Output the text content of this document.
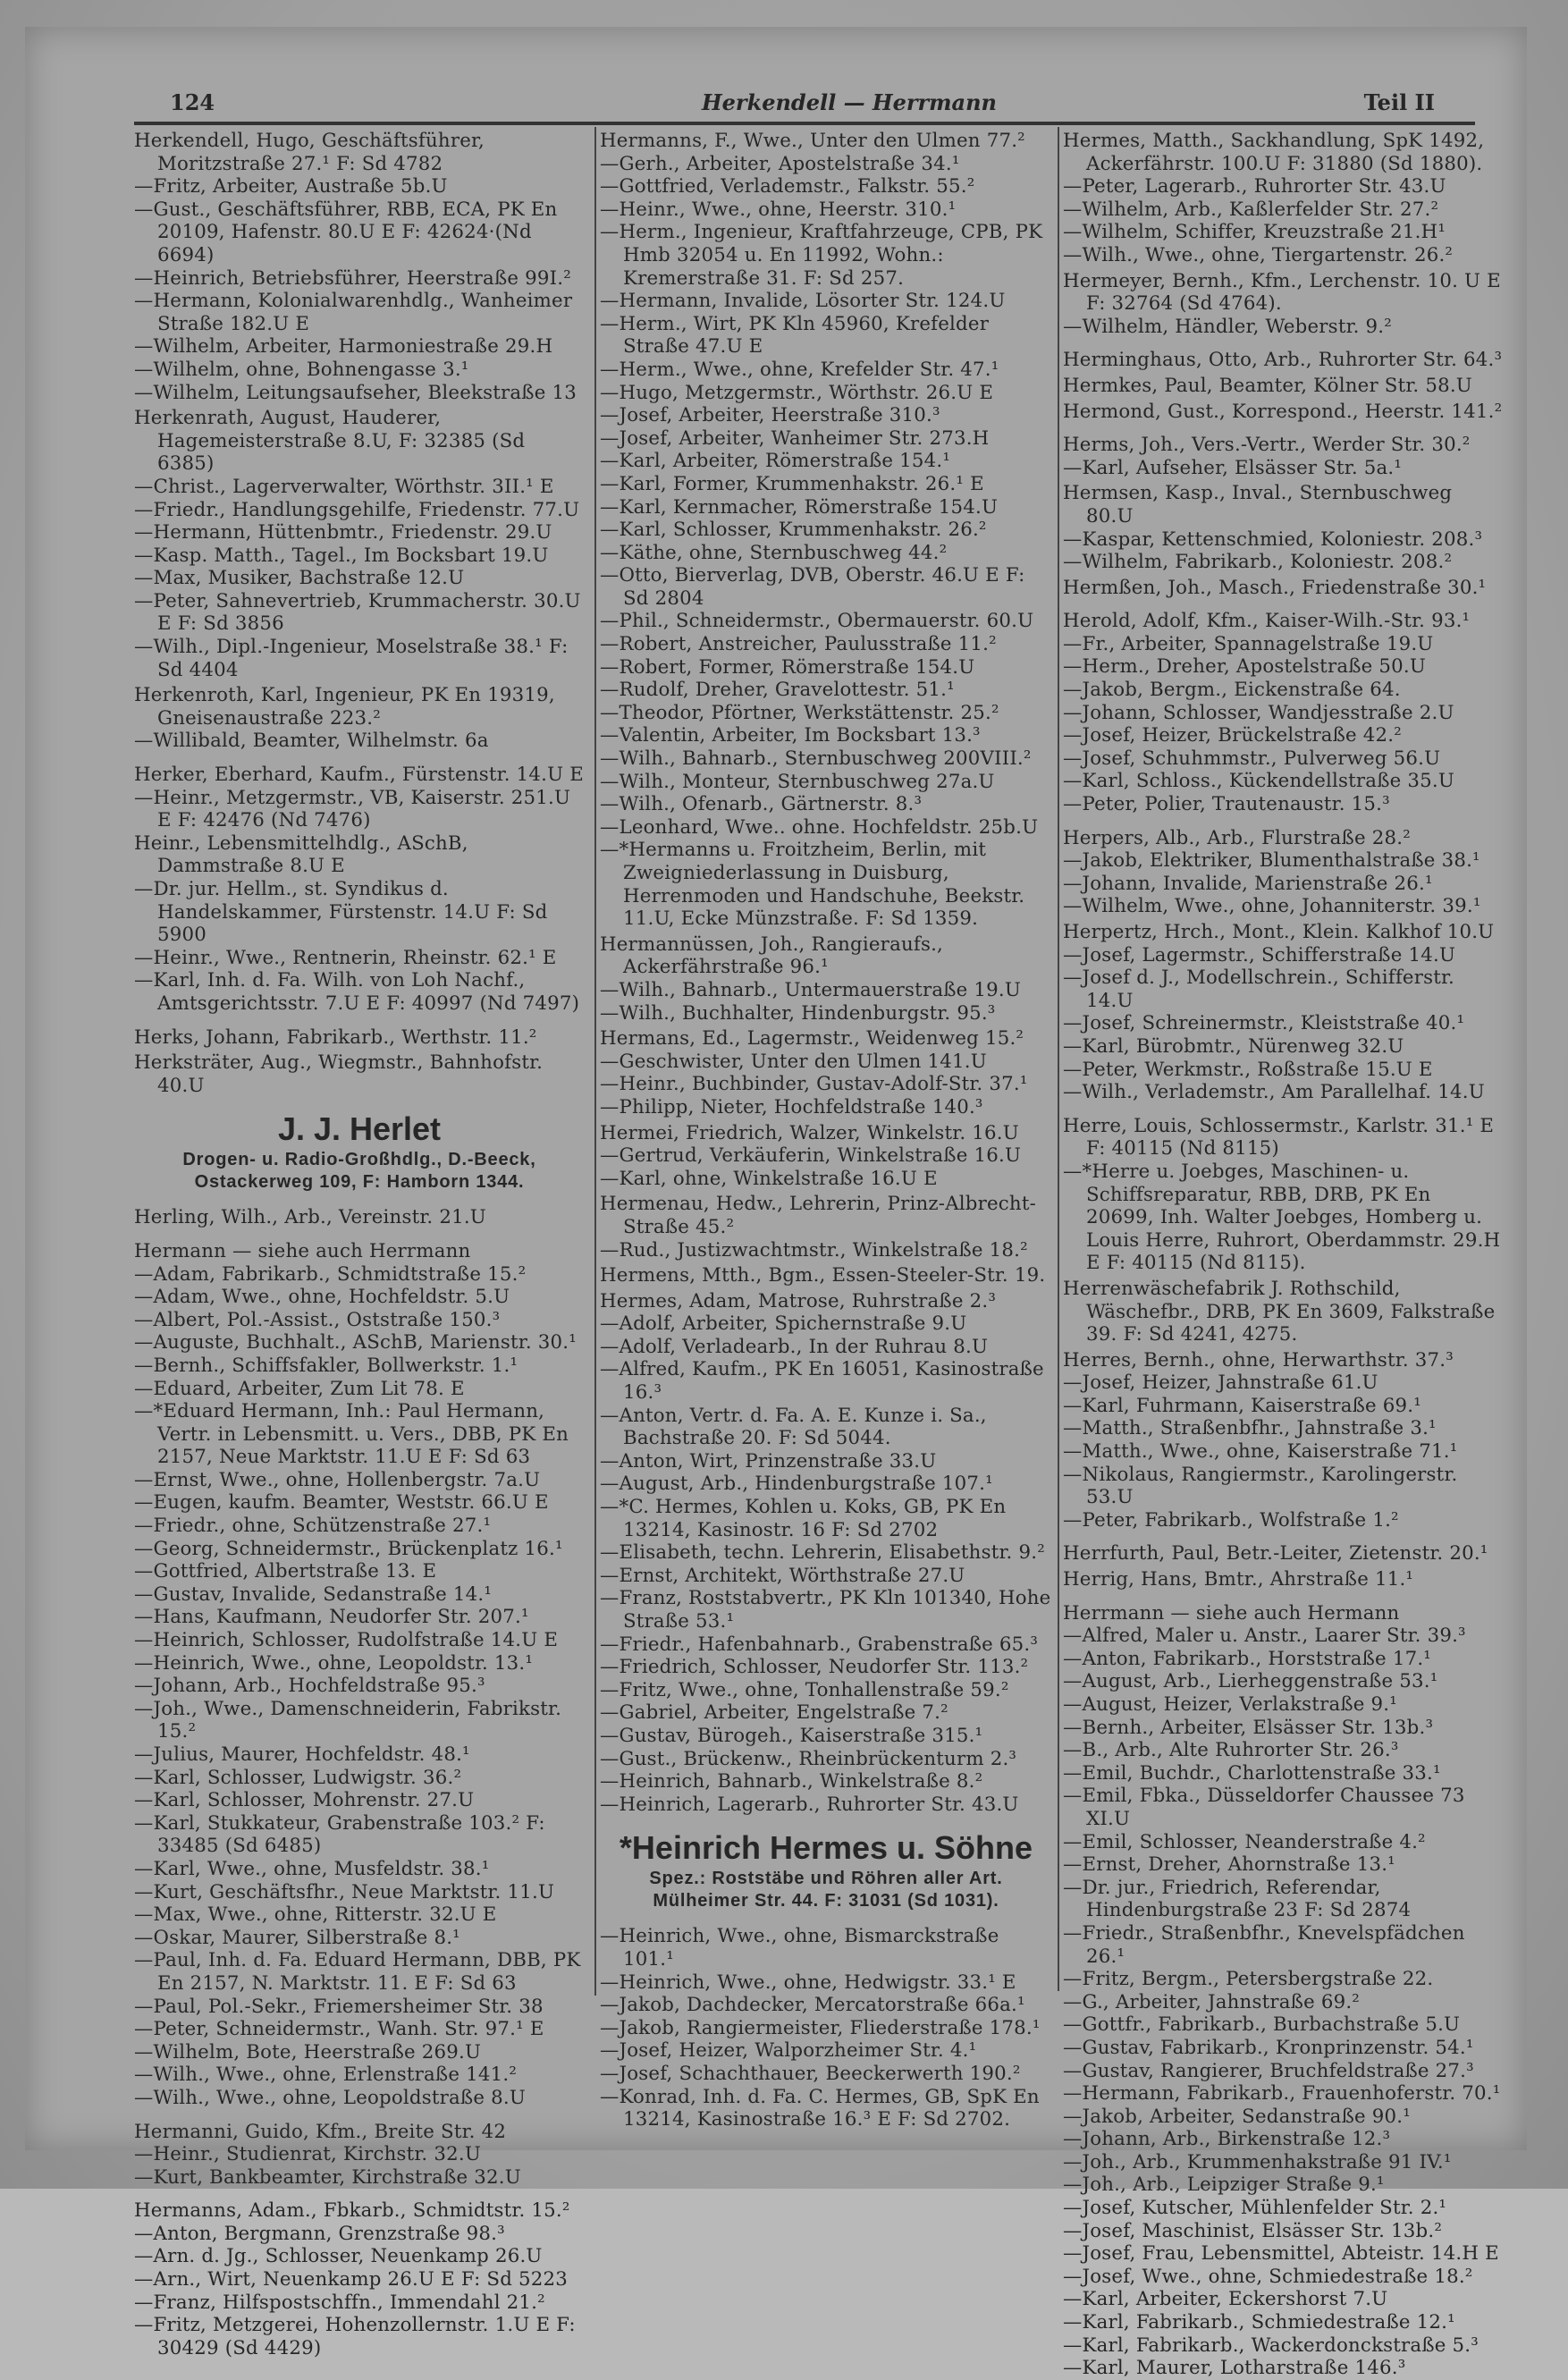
124	Herkendell — Herrmann	Teil II
Herkendell, Hugo, Geschäftsführer, Moritzstraße 27.¹ F: Sd 4782
—Fritz, Arbeiter, Austraße 5b.U
—Gust., Geschäftsführer, RBB, ECA, PK En 20109, Hafenstr. 80.U E F: 42624·(Nd 6694)
—Heinrich, Betriebsführer, Heerstraße 99I.²
—Hermann, Kolonialwarenhdlg., Wanheimer Straße 182.U E
—Wilhelm, Arbeiter, Harmoniestraße 29.H
—Wilhelm, ohne, Bohnengasse 3.¹
—Wilhelm, Leitungsaufseher, Bleekstraße 13
Herkenrath, August, Hauderer, Hagemeisterstraße 8.U, F: 32385 (Sd 6385)
—Christ., Lagerverwalter, Wörthstr. 3II.¹ E
—Friedr., Handlungsgehilfe, Friedenstr. 77.U
—Hermann, Hüttenbmtr., Friedenstr. 29.U
—Kasp. Matth., Tagel., Im Bocksbart 19.U
—Max, Musiker, Bachstraße 12.U
—Peter, Sahnevertrieb, Krummacherstr. 30.U E F: Sd 3856
—Wilh., Dipl.-Ingenieur, Moselstraße 38.¹ F: Sd 4404
Herkenroth, Karl, Ingenieur, PK En 19319, Gneisenaustraße 223.²
—Willibald, Beamter, Wilhelmstr. 6a
Herker, Eberhard, Kaufm., Fürstenstr. 14.U E
—Heinr., Metzgermstr., VB, Kaiserstr. 251.U E F: 42476 (Nd 7476)
Heinr., Lebensmittelhdlg., ASchB, Dammstraße 8.U E
—Dr. jur. Hellm., st. Syndikus d. Handelskammer, Fürstenstr. 14.U F: Sd 5900
—Heinr., Wwe., Rentnerin, Rheinstr. 62.¹ E
—Karl, Inh. d. Fa. Wilh. von Loh Nachf., Amtsgerichtsstr. 7.U E F: 40997 (Nd 7497)
Herks, Johann, Fabrikarb., Werthstr. 11.²
Herksträter, Aug., Wiegmstr., Bahnhofstr. 40.U
J. J. Herlet
Drogen- u. Radio-Großhdlg., D.-Beeck,
Ostackerweg 109, F: Hamborn 1344.
Herling, Wilh., Arb., Vereinstr. 21.U
Hermann — siehe auch Herrmann
—Adam, Fabrikarb., Schmidtstraße 15.²
—Adam, Wwe., ohne, Hochfeldstr. 5.U
—Albert, Pol.-Assist., Oststraße 150.³
—Auguste, Buchhalt., ASchB, Marienstr. 30.¹
—Bernh., Schiffsfakler, Bollwerkstr. 1.¹
—Eduard, Arbeiter, Zum Lit 78. E
—*Eduard Hermann, Inh.: Paul Hermann, Vertr. in Lebensmitt. u. Vers., DBB, PK En 2157, Neue Marktstr. 11.U E F: Sd 63
—Ernst, Wwe., ohne, Hollenbergstr. 7a.U
—Eugen, kaufm. Beamter, Weststr. 66.U E
—Friedr., ohne, Schützenstraße 27.¹
—Georg, Schneidermstr., Brückenplatz 16.¹
—Gottfried, Albertstraße 13. E
—Gustav, Invalide, Sedanstraße 14.¹
—Hans, Kaufmann, Neudorfer Str. 207.¹
—Heinrich, Schlosser, Rudolfstraße 14.U E
—Heinrich, Wwe., ohne, Leopoldstr. 13.¹
—Johann, Arb., Hochfeldstraße 95.³
—Joh., Wwe., Damenschneiderin, Fabrikstr. 15.²
—Julius, Maurer, Hochfeldstr. 48.¹
—Karl, Schlosser, Ludwigstr. 36.²
—Karl, Schlosser, Mohrenstr. 27.U
—Karl, Stukkateur, Grabenstraße 103.² F: 33485 (Sd 6485)
—Karl, Wwe., ohne, Musfeldstr. 38.¹
—Kurt, Geschäftsfhr., Neue Marktstr. 11.U
—Max, Wwe., ohne, Ritterstr. 32.U E
—Oskar, Maurer, Silberstraße 8.¹
—Paul, Inh. d. Fa. Eduard Hermann, DBB, PK En 2157, N. Marktstr. 11. E F: Sd 63
—Paul, Pol.-Sekr., Friemersheimer Str. 38
—Peter, Schneidermstr., Wanh. Str. 97.¹ E
—Wilhelm, Bote, Heerstraße 269.U
—Wilh., Wwe., ohne, Erlenstraße 141.²
—Wilh., Wwe., ohne, Leopoldstraße 8.U
Hermanni, Guido, Kfm., Breite Str. 42
—Heinr., Studienrat, Kirchstr. 32.U
—Kurt, Bankbeamter, Kirchstraße 32.U
Hermanns, Adam., Fbkarb., Schmidtstr. 15.²
—Anton, Bergmann, Grenzstraße 98.³
—Arn. d. Jg., Schlosser, Neuenkamp 26.U
—Arn., Wirt, Neuenkamp 26.U E F: Sd 5223
—Franz, Hilfspostschffn., Immendahl 21.²
—Fritz, Metzgerei, Hohenzollernstr. 1.U E F: 30429 (Sd 4429)
Hermanns, F., Wwe., Unter den Ulmen 77.²
—Gerh., Arbeiter, Apostelstraße 34.¹
—Gottfried, Verlademstr., Falkstr. 55.²
—Heinr., Wwe., ohne, Heerstr. 310.¹
—Herm., Ingenieur, Kraftfahrzeuge, CPB, PK Hmb 32054 u. En 11992, Wohn.: Kremerstraße 31. F: Sd 257.
—Hermann, Invalide, Lösorter Str. 124.U
—Herm., Wirt, PK Kln 45960, Krefelder Straße 47.U E
—Herm., Wwe., ohne, Krefelder Str. 47.¹
—Hugo, Metzgermstr., Wörthstr. 26.U E
—Josef, Arbeiter, Heerstraße 310.³
—Josef, Arbeiter, Wanheimer Str. 273.H
—Karl, Arbeiter, Römerstraße 154.¹
—Karl, Former, Krummenhakstr. 26.¹ E
—Karl, Kernmacher, Römerstraße 154.U
—Karl, Schlosser, Krummenhakstr. 26.²
—Käthe, ohne, Sternbuschweg 44.²
—Otto, Bierverlag, DVB, Oberstr. 46.U E F: Sd 2804
—Phil., Schneidermstr., Obermauerstr. 60.U
—Robert, Anstreicher, Paulusstraße 11.²
—Robert, Former, Römerstraße 154.U
—Rudolf, Dreher, Gravelottestr. 51.¹
—Theodor, Pförtner, Werkstättenstr. 25.²
—Valentin, Arbeiter, Im Bocksbart 13.³
—Wilh., Bahnarb., Sternbuschweg 200VIII.²
—Wilh., Monteur, Sternbuschweg 27a.U
—Wilh., Ofenarb., Gärtnerstr. 8.³
—Leonhard, Wwe.. ohne. Hochfeldstr. 25b.U
—*Hermanns u. Froitzheim, Berlin, mit Zweigniederlassung in Duisburg, Herrenmoden und Handschuhe, Beekstr. 11.U, Ecke Münzstraße. F: Sd 1359.
Hermannüssen, Joh., Rangieraufs., Ackerfährstraße 96.¹
—Wilh., Bahnarb., Untermauerstraße 19.U
—Wilh., Buchhalter, Hindenburgstr. 95.³
Hermans, Ed., Lagermstr., Weidenweg 15.²
—Geschwister, Unter den Ulmen 141.U
—Heinr., Buchbinder, Gustav-Adolf-Str. 37.¹
—Philipp, Nieter, Hochfeldstraße 140.³
Hermei, Friedrich, Walzer, Winkelstr. 16.U
—Gertrud, Verkäuferin, Winkelstraße 16.U
—Karl, ohne, Winkelstraße 16.U E
Hermenau, Hedw., Lehrerin, Prinz-Albrecht-Straße 45.²
—Rud., Justizwachtmstr., Winkelstraße 18.²
Hermens, Mtth., Bgm., Essen-Steeler-Str. 19.
Hermes, Adam, Matrose, Ruhrstraße 2.³
—Adolf, Arbeiter, Spichernstraße 9.U
—Adolf, Verladearb., In der Ruhrau 8.U
—Alfred, Kaufm., PK En 16051, Kasinostraße 16.³
—Anton, Vertr. d. Fa. A. E. Kunze i. Sa., Bachstraße 20. F: Sd 5044.
—Anton, Wirt, Prinzenstraße 33.U
—August, Arb., Hindenburgstraße 107.¹
—*C. Hermes, Kohlen u. Koks, GB, PK En 13214, Kasinostr. 16 F: Sd 2702
—Elisabeth, techn. Lehrerin, Elisabethstr. 9.²
—Ernst, Architekt, Wörthstraße 27.U
—Franz, Roststabvertr., PK Kln 101340, Hohe Straße 53.¹
—Friedr., Hafenbahnarb., Grabenstraße 65.³
—Friedrich, Schlosser, Neudorfer Str. 113.²
—Fritz, Wwe., ohne, Tonhallenstraße 59.²
—Gabriel, Arbeiter, Engelstraße 7.²
—Gustav, Bürogeh., Kaiserstraße 315.¹
—Gust., Brückenw., Rheinbrückenturm 2.³
—Heinrich, Bahnarb., Winkelstraße 8.²
—Heinrich, Lagerarb., Ruhrorter Str. 43.U
*Heinrich Hermes u. Söhne
Spez.: Roststäbe und Röhren aller Art.
Mülheimer Str. 44. F: 31031 (Sd 1031).
—Heinrich, Wwe., ohne, Bismarckstraße 101.¹
—Heinrich, Wwe., ohne, Hedwigstr. 33.¹ E
—Jakob, Dachdecker, Mercatorstraße 66a.¹
—Jakob, Rangiermeister, Fliederstraße 178.¹
—Josef, Heizer, Walporzheimer Str. 4.¹
—Josef, Schachthauer, Beeckerwerth 190.²
—Konrad, Inh. d. Fa. C. Hermes, GB, SpK En 13214, Kasinostraße 16.³ E F: Sd 2702.
Hermes, Matth., Sackhandlung, SpK 1492, Ackerfährstr. 100.U F: 31880 (Sd 1880).
—Peter, Lagerarb., Ruhrorter Str. 43.U
—Wilhelm, Arb., Kaßlerfelder Str. 27.²
—Wilhelm, Schiffer, Kreuzstraße 21.H¹
—Wilh., Wwe., ohne, Tiergartenstr. 26.²
Hermeyer, Bernh., Kfm., Lerchenstr. 10. U E F: 32764 (Sd 4764).
—Wilhelm, Händler, Weberstr. 9.²
Herminghaus, Otto, Arb., Ruhrorter Str. 64.³
Hermkes, Paul, Beamter, Kölner Str. 58.U
Hermond, Gust., Korrespond., Heerstr. 141.²
Herms, Joh., Vers.-Vertr., Werder Str. 30.²
—Karl, Aufseher, Elsässer Str. 5a.¹
Hermsen, Kasp., Inval., Sternbuschweg 80.U
—Kaspar, Kettenschmied, Koloniestr. 208.³
—Wilhelm, Fabrikarb., Koloniestr. 208.²
Hermßen, Joh., Masch., Friedenstraße 30.¹
Herold, Adolf, Kfm., Kaiser-Wilh.-Str. 93.¹
—Fr., Arbeiter, Spannagelstraße 19.U
—Herm., Dreher, Apostelstraße 50.U
—Jakob, Bergm., Eickenstraße 64.
—Johann, Schlosser, Wandjesstraße 2.U
—Josef, Heizer, Brückelstraße 42.²
—Josef, Schuhmmstr., Pulverweg 56.U
—Karl, Schloss., Kückendellstraße 35.U
—Peter, Polier, Trautenaustr. 15.³
Herpers, Alb., Arb., Flurstraße 28.²
—Jakob, Elektriker, Blumenthalstraße 38.¹
—Johann, Invalide, Marienstraße 26.¹
—Wilhelm, Wwe., ohne, Johanniterstr. 39.¹
Herpertz, Hrch., Mont., Klein. Kalkhof 10.U
—Josef, Lagermstr., Schifferstraße 14.U
—Josef d. J., Modellschrein., Schifferstr. 14.U
—Josef, Schreinermstr., Kleiststraße 40.¹
—Karl, Bürobmtr., Nürenweg 32.U
—Peter, Werkmstr., Roßstraße 15.U E
—Wilh., Verlademstr., Am Parallelhaf. 14.U
Herre, Louis, Schlossermstr., Karlstr. 31.¹ E F: 40115 (Nd 8115)
—*Herre u. Joebges, Maschinen- u. Schiffsreparatur, RBB, DRB, PK En 20699, Inh. Walter Joebges, Homberg u. Louis Herre, Ruhrort, Oberdammstr. 29.H E F: 40115 (Nd 8115).
Herrenwäschefabrik J. Rothschild, Wäschefbr., DRB, PK En 3609, Falkstraße 39. F: Sd 4241, 4275.
Herres, Bernh., ohne, Herwarthstr. 37.³
—Josef, Heizer, Jahnstraße 61.U
—Karl, Fuhrmann, Kaiserstraße 69.¹
—Matth., Straßenbfhr., Jahnstraße 3.¹
—Matth., Wwe., ohne, Kaiserstraße 71.¹
—Nikolaus, Rangiermstr., Karolingerstr. 53.U
—Peter, Fabrikarb., Wolfstraße 1.²
Herrfurth, Paul, Betr.-Leiter, Zietenstr. 20.¹
Herrig, Hans, Bmtr., Ahrstraße 11.¹
Herrmann — siehe auch Hermann
—Alfred, Maler u. Anstr., Laarer Str. 39.³
—Anton, Fabrikarb., Horststraße 17.¹
—August, Arb., Lierheggenstraße 53.¹
—August, Heizer, Verlakstraße 9.¹
—Bernh., Arbeiter, Elsässer Str. 13b.³
—B., Arb., Alte Ruhrorter Str. 26.³
—Emil, Buchdr., Charlottenstraße 33.¹
—Emil, Fbka., Düsseldorfer Chaussee 73 XI.U
—Emil, Schlosser, Neanderstraße 4.²
—Ernst, Dreher, Ahornstraße 13.¹
—Dr. jur., Friedrich, Referendar, Hindenburgstraße 23 F: Sd 2874
—Friedr., Straßenbfhr., Knevelspfädchen 26.¹
—Fritz, Bergm., Petersbergstraße 22.
—G., Arbeiter, Jahnstraße 69.²
—Gottfr., Fabrikarb., Burbachstraße 5.U
—Gustav, Fabrikarb., Kronprinzenstr. 54.¹
—Gustav, Rangierer, Bruchfeldstraße 27.³
—Hermann, Fabrikarb., Frauenhoferstr. 70.¹
—Jakob, Arbeiter, Sedanstraße 90.¹
—Johann, Arb., Birkenstraße 12.³
—Joh., Arb., Krummenhakstraße 91 IV.¹
—Joh., Arb., Leipziger Straße 9.¹
—Josef, Kutscher, Mühlenfelder Str. 2.¹
—Josef, Maschinist, Elsässer Str. 13b.²
—Josef, Frau, Lebensmittel, Abteistr. 14.H E
—Josef, Wwe., ohne, Schmiedestraße 18.²
—Karl, Arbeiter, Eckershorst 7.U
—Karl, Fabrikarb., Schmiedestraße 12.¹
—Karl, Fabrikarb., Wackerdonckstraße 5.³
—Karl, Maurer, Lotharstraße 146.³
